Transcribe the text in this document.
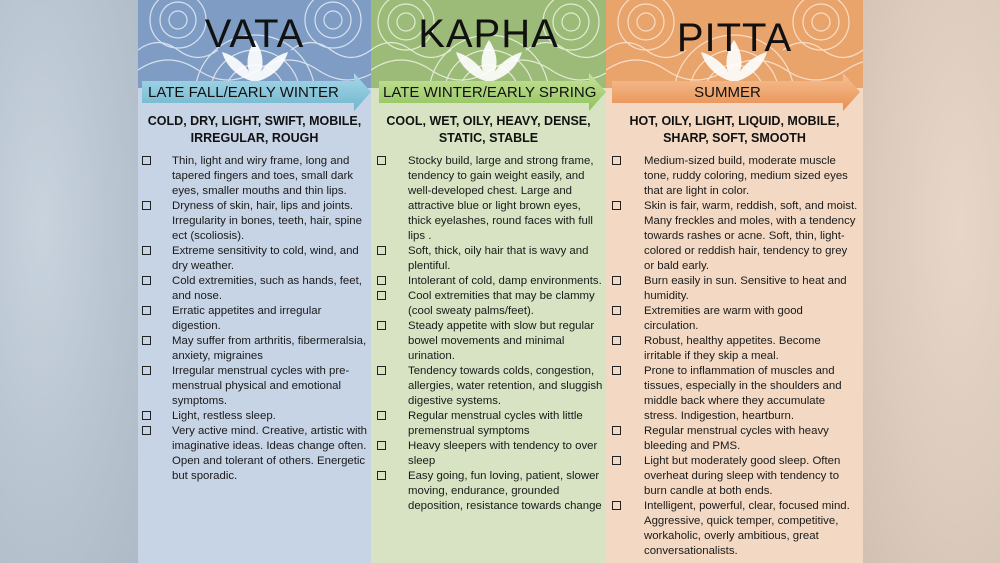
VATA
LATE FALL/EARLY WINTER
COLD, DRY, LIGHT, SWIFT, MOBILE,
IRREGULAR, ROUGH
Thin, light and wiry frame, long and tapered fingers and toes, small dark eyes, smaller mouths and thin lips.
Dryness of skin, hair, lips and joints. Irregularity in bones, teeth, hair, spine ect (scoliosis).
Extreme sensitivity to cold, wind, and dry weather.
Cold extremities, such as hands, feet, and nose.
Erratic appetites and irregular digestion.
May suffer from arthritis, fibermeralsia, anxiety, migraines
Irregular menstrual cycles with pre-menstrual physical and emotional symptoms.
Light, restless sleep.
Very active mind. Creative, artistic with imaginative ideas. Ideas change often. Open and tolerant of others. Energetic but sporadic.
KAPHA
LATE WINTER/EARLY SPRING
COOL, WET, OILY, HEAVY, DENSE,
STATIC, STABLE
Stocky build, large and strong frame, tendency to gain weight easily, and well-developed chest. Large and attractive blue or light brown eyes, thick eyelashes, round faces with full lips .
Soft, thick, oily hair that is wavy and plentiful.
Intolerant of cold, damp environments.
Cool extremities that may be clammy (cool sweaty palms/feet).
Steady appetite with slow but regular bowel movements and minimal urination.
Tendency towards colds, congestion, allergies, water retention, and sluggish digestive systems.
Regular menstrual cycles with little premenstrual symptoms
Heavy sleepers with tendency to over sleep
Easy going, fun loving, patient, slower moving, endurance, grounded deposition, resistance towards change
PITTA
SUMMER
HOT, OILY, LIGHT, LIQUID, MOBILE,
SHARP, SOFT, SMOOTH
Medium-sized build, moderate muscle tone, ruddy coloring, medium sized eyes that are light in color.
Skin is fair, warm, reddish, soft, and moist. Many freckles and moles, with a tendency towards rashes or acne. Soft, thin, light-colored or reddish hair, tendency to grey or bald early.
Burn easily in sun. Sensitive to heat and humidity.
Extremities are warm with good circulation.
Robust, healthy appetites. Become irritable if they skip a meal.
Prone to inflammation of muscles and tissues, especially in the shoulders and middle back where they accumulate stress. Indigestion, heartburn.
Regular menstrual cycles with heavy bleeding and PMS.
Light but moderately good sleep. Often overheat during sleep with tendency to burn candle at both ends.
Intelligent, powerful, clear, focused mind. Aggressive, quick temper, competitive, workaholic, overly ambitious, great conversationalists.
